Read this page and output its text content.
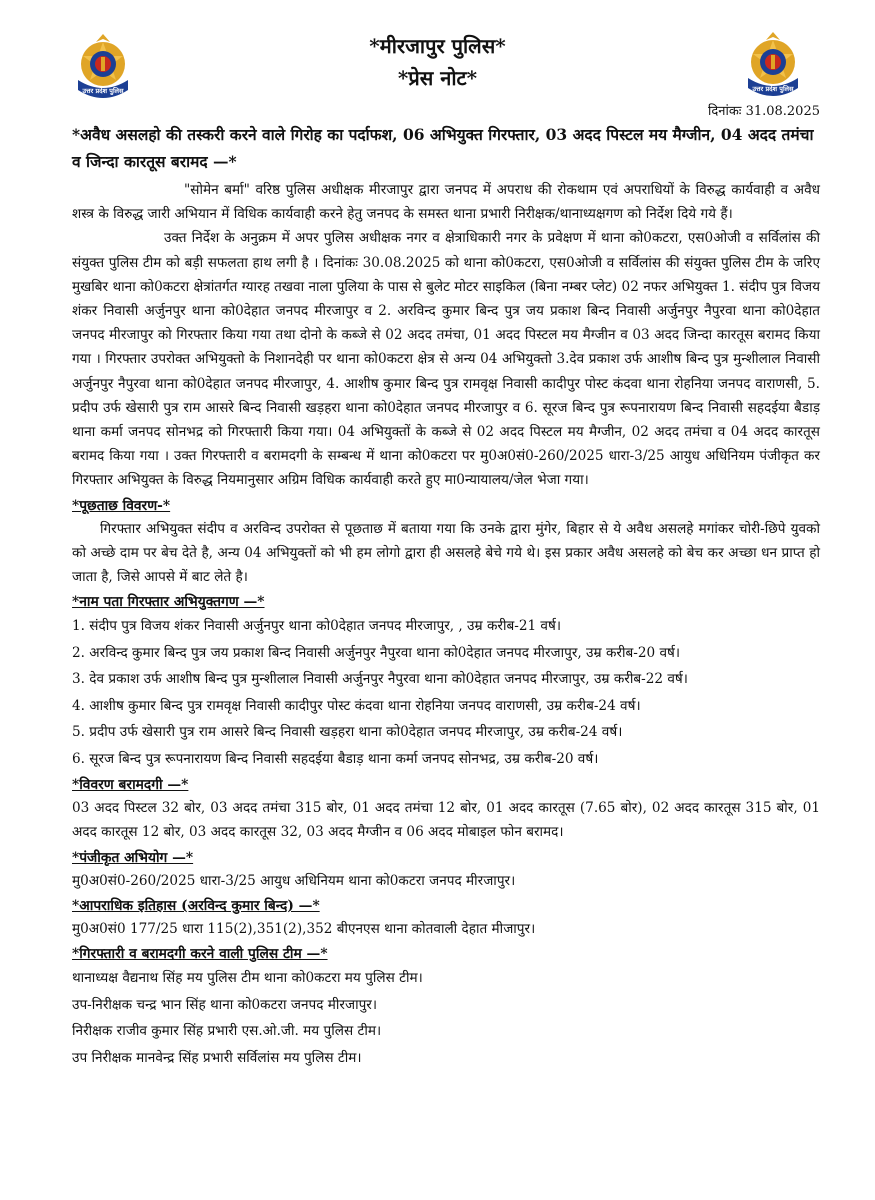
उत्तर प्रदेश पुलिस	उत्तर प्रदेश पुलिस
*मीरजापुर पुलिस*
*प्रेस नोट*
दिनांकः 31.08.2025
*अवैध असलहो की तस्करी करने वाले गिरोह का पर्दाफश, 06 अभियुक्त गिरफ्तार, 03 अदद पिस्टल मय मैग्जीन, 04 अदद तमंचा व जिन्दा कारतूस बरामद —*

"सोमेन बर्मा" वरिष्ठ पुलिस अधीक्षक मीरजापुर द्वारा जनपद में अपराध की रोकथाम एवं अपराधियों के विरुद्ध कार्यवाही व अवैध शस्त्र के विरुद्ध जारी अभियान में विधिक कार्यवाही करने हेतु जनपद के समस्त थाना प्रभारी निरीक्षक/थानाध्यक्षगण को निर्देश दिये गये हैं।

उक्त निर्देश के अनुक्रम में अपर पुलिस अधीक्षक नगर व क्षेत्राधिकारी नगर के प्रवेक्षण में थाना को0कटरा, एस0ओजी व सर्विलांस की संयुक्त पुलिस टीम को बड़ी सफलता हाथ लगी है । दिनांकः 30.08.2025 को थाना को0कटरा, एस0ओजी व सर्विलांस की संयुक्त पुलिस टीम के जरिए मुखबिर थाना को0कटरा क्षेत्रांतर्गत ग्यारह तखवा नाला पुलिया के पास से बुलेट मोटर साइकिल (बिना नम्बर प्लेट) 02 नफर अभियुक्त 1. संदीप पुत्र विजय शंकर निवासी अर्जुनपुर थाना को0देहात जनपद मीरजापुर व 2. अरविन्द कुमार बिन्द पुत्र जय प्रकाश बिन्द निवासी अर्जुनपुर नैपुरवा थाना को0देहात जनपद मीरजापुर को गिरफ्तार किया गया तथा दोनो के कब्जे से 02 अदद तमंचा, 01 अदद पिस्टल मय मैग्जीन व 03 अदद जिन्दा कारतूस बरामद किया गया । गिरफ्तार उपरोक्त अभियुक्तो के निशानदेही पर थाना को0कटरा क्षेत्र से अन्य 04 अभियुक्तो 3.देव प्रकाश उर्फ आशीष बिन्द पुत्र मुन्शीलाल निवासी अर्जुनपुर नैपुरवा थाना को0देहात जनपद मीरजापुर, 4. आशीष कुमार बिन्द पुत्र रामवृक्ष निवासी कादीपुर पोस्ट कंदवा थाना रोहनिया जनपद वाराणसी, 5. प्रदीप उर्फ खेसारी पुत्र राम आसरे बिन्द निवासी खड़हरा थाना को0देहात जनपद मीरजापुर व 6. सूरज बिन्द पुत्र रूपनारायण बिन्द निवासी सहदईया बैडाड़ थाना कर्मा जनपद सोनभद्र को गिरफ्तारी किया गया। 04 अभियुक्तों के कब्जे से 02 अदद पिस्टल मय मैग्जीन, 02 अदद तमंचा व 04 अदद कारतूस बरामद किया गया । उक्त गिरफ्तारी व बरामदगी के सम्बन्ध में थाना को0कटरा पर मु0अ0सं0-260/2025 धारा-3/25 आयुध अधिनियम पंजीकृत कर गिरफ्तार अभियुक्त के विरुद्ध नियमानुसार अग्रिम विधिक कार्यवाही करते हुए मा0न्यायालय/जेल भेजा गया।

*पूछताछ विवरण-*

गिरफ्तार अभियुक्त संदीप व अरविन्द उपरोक्त से पूछताछ में बताया गया कि उनके द्वारा मुंगेर, बिहार से ये अवैध असलहे मगांकर चोरी-छिपे युवको को अच्छे दाम पर बेच देते है, अन्य 04 अभियुक्तों को भी हम लोगो द्वारा ही असलहे बेचे गये थे। इस प्रकार अवैध असलहे को बेच कर अच्छा धन प्राप्त हो जाता है, जिसे आपसे में बाट लेते है।

*नाम पता गिरफ्तार अभियुक्तगण —*
1. संदीप पुत्र विजय शंकर निवासी अर्जुनपुर थाना को0देहात जनपद मीरजापुर, , उम्र करीब-21 वर्ष।
2. अरविन्द कुमार बिन्द पुत्र जय प्रकाश बिन्द निवासी अर्जुनपुर नैपुरवा थाना को0देहात जनपद मीरजापुर, उम्र करीब-20 वर्ष।
3. देव प्रकाश उर्फ आशीष बिन्द पुत्र मुन्शीलाल निवासी अर्जुनपुर नैपुरवा थाना को0देहात जनपद मीरजापुर, उम्र करीब-22 वर्ष।
4. आशीष कुमार बिन्द पुत्र रामवृक्ष निवासी कादीपुर पोस्ट कंदवा थाना रोहनिया जनपद वाराणसी, उम्र करीब-24 वर्ष।
5. प्रदीप उर्फ खेसारी पुत्र राम आसरे बिन्द निवासी खड़हरा थाना को0देहात जनपद मीरजापुर, उम्र करीब-24 वर्ष।
6. सूरज बिन्द पुत्र रूपनारायण बिन्द निवासी सहदईया बैडाड़ थाना कर्मा जनपद सोनभद्र, उम्र करीब-20 वर्ष।
*विवरण बरामदगी —*

03 अदद पिस्टल 32 बोर, 03 अदद तमंचा 315 बोर, 01 अदद तमंचा 12 बोर, 01 अदद कारतूस (7.65 बोर), 02 अदद कारतूस 315 बोर, 01 अदद कारतूस 12 बोर, 03 अदद कारतूस 32, 03 अदद मैग्जीन व 06 अदद मोबाइल फोन बरामद।

*पंजीकृत अभियोग —*

मु0अ0सं0-260/2025 धारा-3/25 आयुध अधिनियम थाना को0कटरा जनपद मीरजापुर।

*आपराधिक इतिहास (अरविन्द कुमार बिन्द) —*

मु0अ0सं0 177/25 धारा 115(2),351(2),352 बीएनएस थाना कोतवाली देहात मीजापुर।

*गिरफ्तारी व बरामदगी करने वाली पुलिस टीम —*
थानाध्यक्ष वैद्यनाथ सिंह मय पुलिस टीम थाना को0कटरा मय पुलिस टीम।
उप-निरीक्षक चन्द्र भान सिंह थाना को0कटरा जनपद मीरजापुर।
निरीक्षक राजीव कुमार सिंह प्रभारी एस.ओ.जी. मय पुलिस टीम।
उप निरीक्षक मानवेन्द्र सिंह प्रभारी सर्विलांस मय पुलिस टीम।
